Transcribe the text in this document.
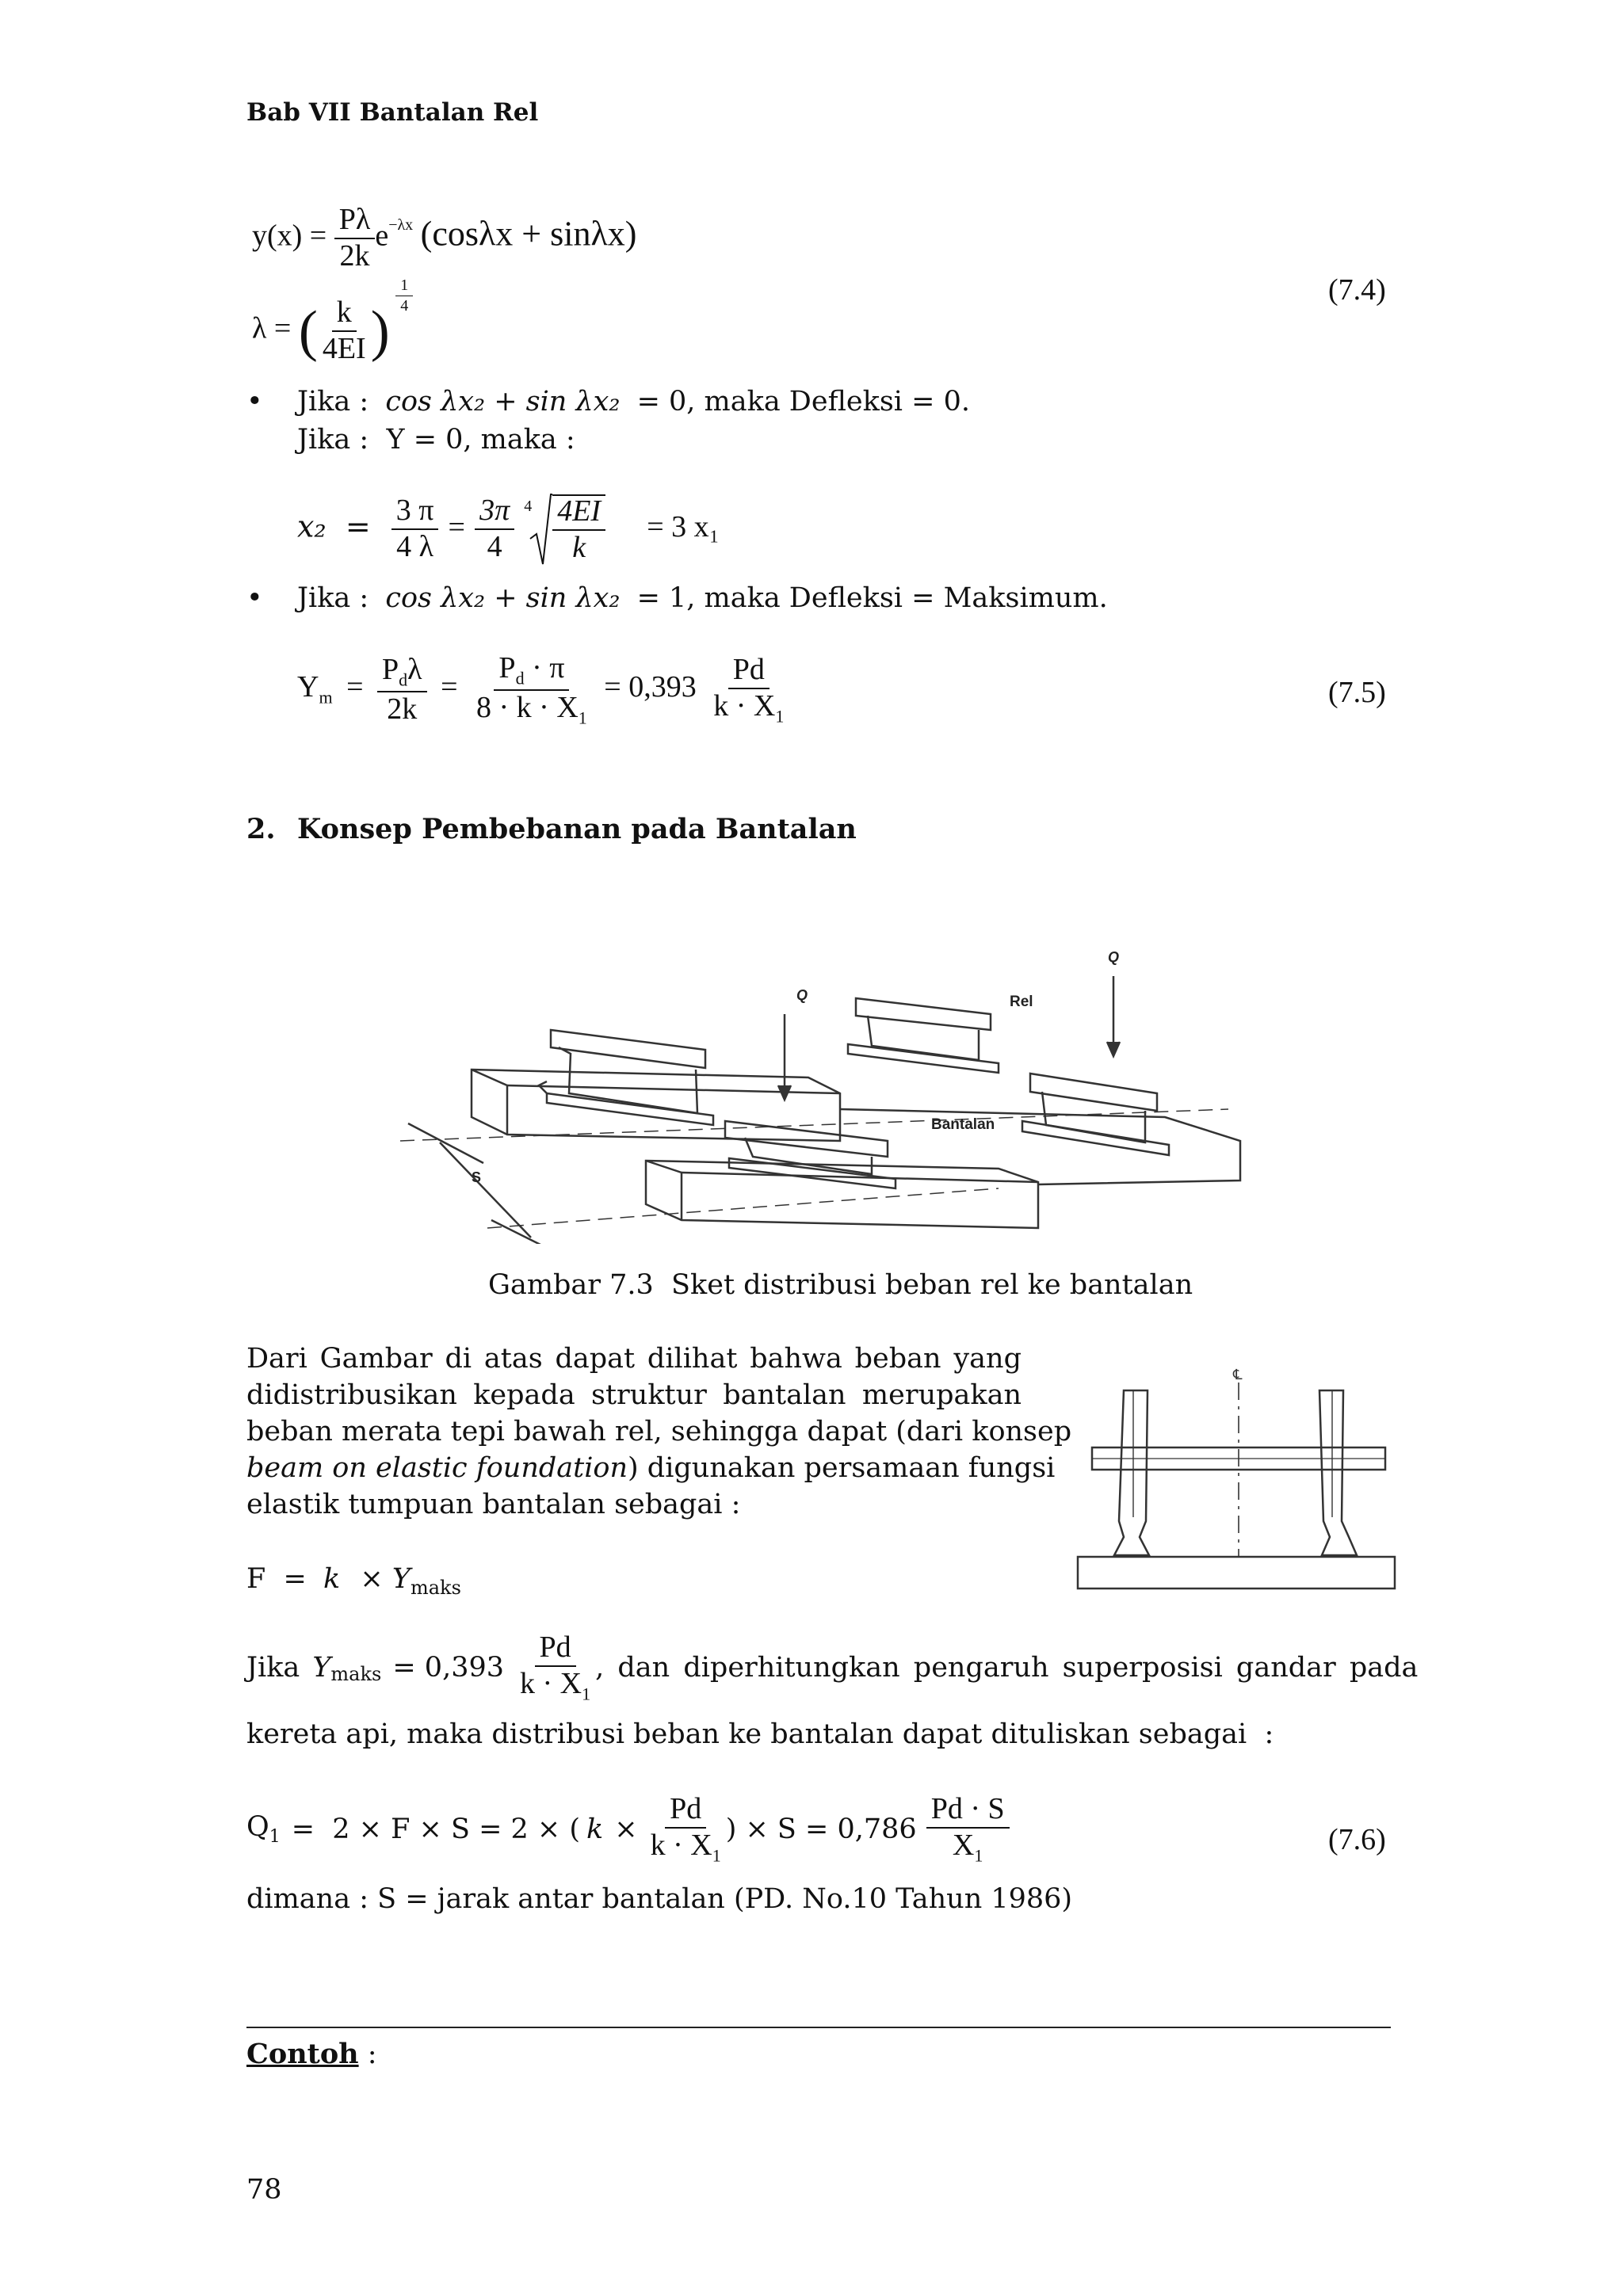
Bab VII Bantalan Rel
$y(x) = \frac{P\lambda}{2k} e^{-\lambda x}$ (cosλx + sinλx)
λ = ( $\frac{k}{4EI}$ )
$\frac{1}{4}$	(7.4)
• Jika : cos λx₂ + sin λx₂ = 0, maka Defleksi = 0.
Jika :  Y = 0, maka :
$x_2 = \frac{3 \pi}{4 \lambda} = \frac{3\pi}{4}$
$4 \frac{4EI}{k} = 3$ x₁
• Jika : cos λx₂ + sin λx₂ = 1, maka Defleksi = Maksimum.
$Y_m = \frac{P_d\lambda}{2k} = \frac{P_d \cdot \pi}{8 \cdot k \cdot X_1} = 0,393 \frac{Pd}{k \cdot X_1}$	(7.5)
2. Konsep Pembebanan pada Bantalan
S
Q
Q
Rel
Bantalan
Gambar 7.3  Sket distribusi beban rel ke bantalan
Dari Gambar di atas dapat dilihat bahwa beban yang
didistribusikan kepada struktur bantalan merupakan
beban merata tepi bawah rel, sehingga dapat (dari konsep
beam on elastic foundation) digunakan persamaan fungsi
elastik tumpuan bantalan sebagai :
$F = k \times Y_{maks}$
℄
Jika $Y_{maks} = 0,393 \frac{Pd}{k \cdot X_1}$ , dan diperhitungkan pengaruh superposisi gandar pada
kereta api, maka distribusi beban ke bantalan dapat dituliskan sebagai  :
$Q_1 = 2 \times F \times S = 2$ × ( $k \times \frac{Pd}{k \cdot X_1}$ ) × $S = 0,786 \frac{Pd \cdot S}{X_1}$	(7.6)
dimana : S = jarak antar bantalan (PD. No.10 Tahun 1986)
Contoh :
78
